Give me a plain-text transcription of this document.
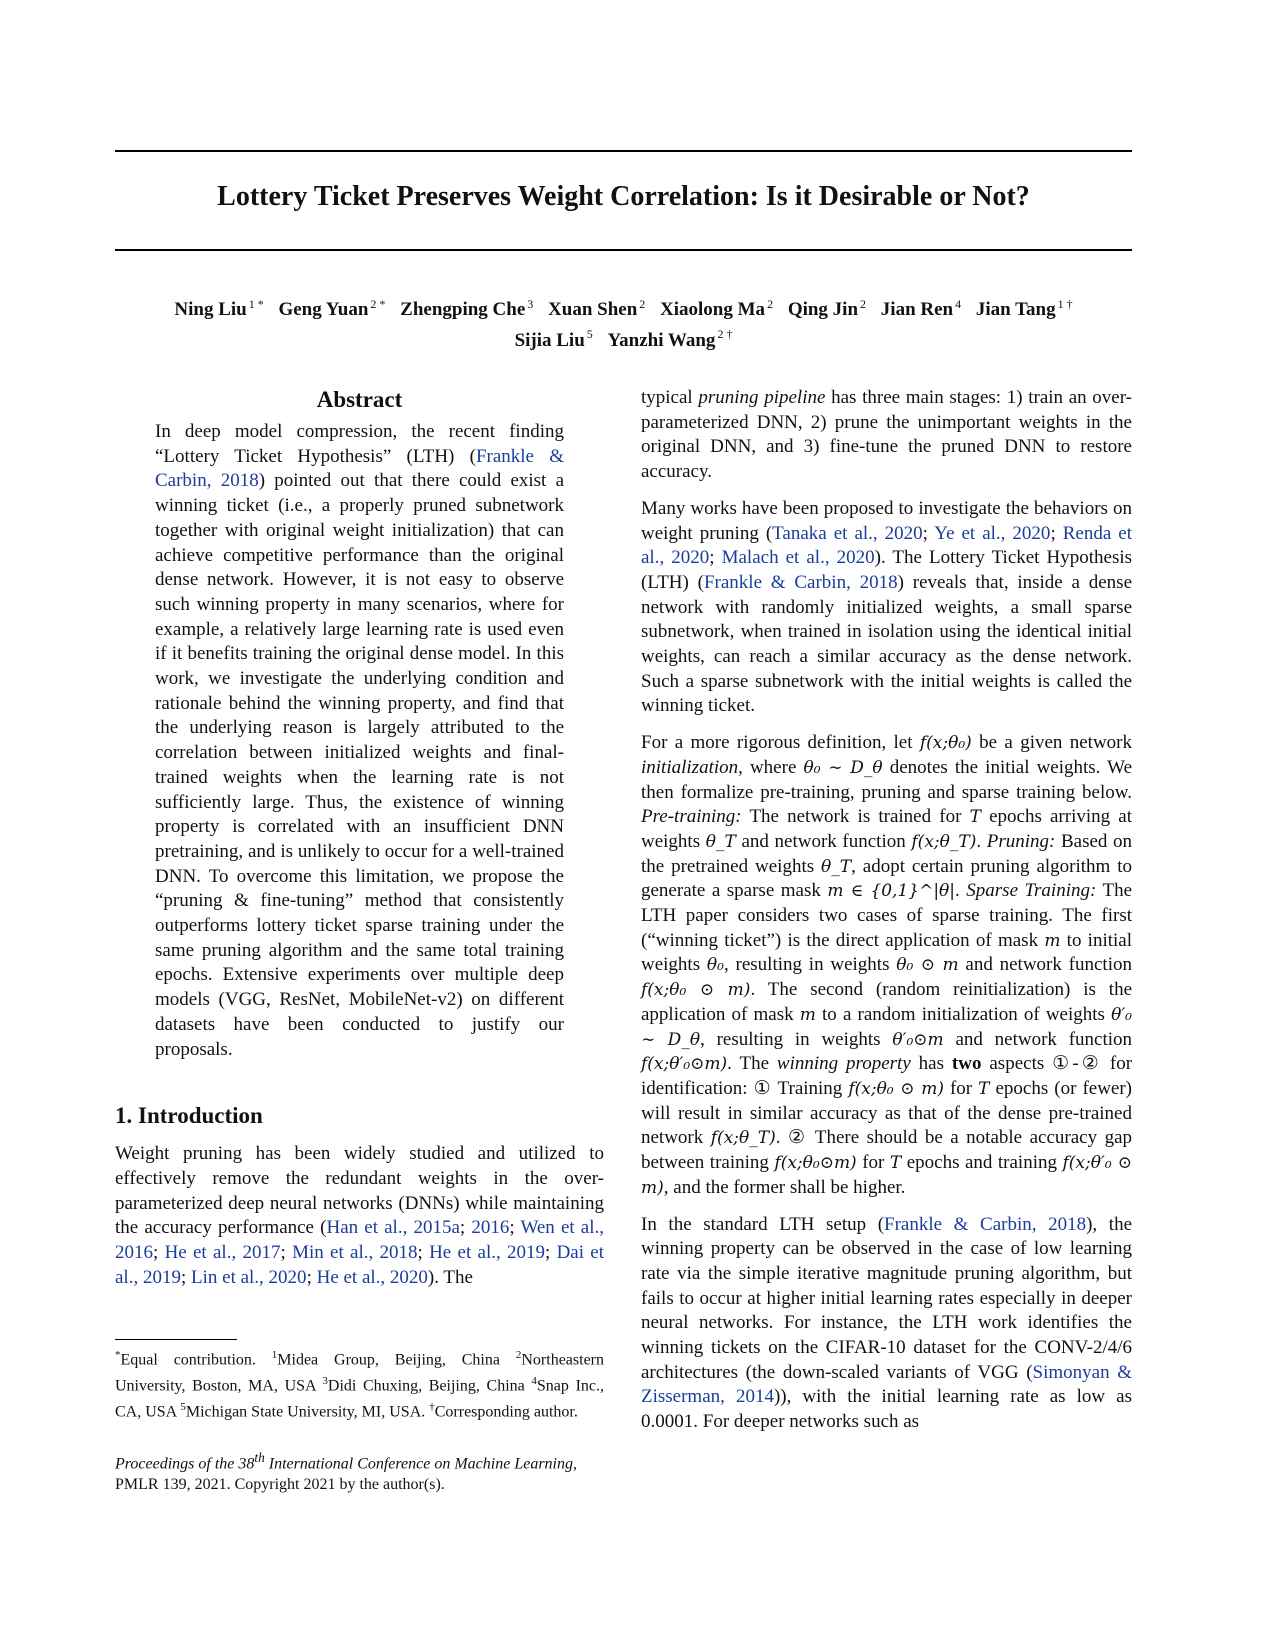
Lottery Ticket Preserves Weight Correlation: Is it Desirable or Not?
Ning Liu $^{1 *}$ Geng Yuan $^{2 *}$ Zhengping Che $^3$ Xuan Shen $^2$ Xiaolong Ma $^2$ Qing Jin $^2$ Jian Ren $^4$ Jian Tang $^{1 \dagger}$
Sijia Liu $^5$ Yanzhi Wang $^{2 \dagger}$
Abstract

In deep model compression, the recent finding “Lottery Ticket Hypothesis” (LTH) (Frankle & Carbin, 2018) pointed out that there could exist a winning ticket (i.e., a properly pruned subnetwork together with original weight initialization) that can achieve competitive performance than the original dense network. However, it is not easy to observe such winning property in many scenarios, where for example, a relatively large learning rate is used even if it benefits training the original dense model. In this work, we investigate the underlying condition and rationale behind the winning property, and find that the underlying reason is largely attributed to the correlation between initialized weights and final-trained weights when the learning rate is not sufficiently large. Thus, the existence of winning property is correlated with an insufficient DNN pretraining, and is unlikely to occur for a well-trained DNN. To overcome this limitation, we propose the “pruning & fine-tuning” method that consistently outperforms lottery ticket sparse training under the same pruning algorithm and the same total training epochs. Extensive experiments over multiple deep models (VGG, ResNet, MobileNet-v2) on different datasets have been conducted to justify our proposals.

1. Introduction

Weight pruning has been widely studied and utilized to effectively remove the redundant weights in the over-parameterized deep neural networks (DNNs) while maintaining the accuracy performance (Han et al., 2015a; 2016; Wen et al., 2016; He et al., 2017; Min et al., 2018; He et al., 2019; Dai et al., 2019; Lin et al., 2020; He et al., 2020). The

*Equal contribution. $^1$Midea Group, Beijing, China $^2$Northeastern University, Boston, MA, USA $^3$Didi Chuxing, Beijing, China $^4$Snap Inc., CA, USA $^5$Michigan State University, MI, USA. †Corresponding author.
Proceedings of the 38th International Conference on Machine Learning, PMLR 139, 2021. Copyright 2021 by the author(s).

typical pruning pipeline has three main stages: 1) train an over-parameterized DNN, 2) prune the unimportant weights in the original DNN, and 3) fine-tune the pruned DNN to restore accuracy.

Many works have been proposed to investigate the behaviors on weight pruning (Tanaka et al., 2020; Ye et al., 2020; Renda et al., 2020; Malach et al., 2020). The Lottery Ticket Hypothesis (LTH) (Frankle & Carbin, 2018) reveals that, inside a dense network with randomly initialized weights, a small sparse subnetwork, when trained in isolation using the identical initial weights, can reach a similar accuracy as the dense network. Such a sparse subnetwork with the initial weights is called the winning ticket.

For a more rigorous definition, let f(x;θ₀) be a given network initialization, where θ₀ ∼ D_θ denotes the initial weights. We then formalize pre-training, pruning and sparse training below. Pre-training: The network is trained for T epochs arriving at weights θ_T and network function f(x;θ_T). Pruning: Based on the pretrained weights θ_T, adopt certain pruning algorithm to generate a sparse mask m ∈ {0,1}^|θ|. Sparse Training: The LTH paper considers two cases of sparse training. The first (“winning ticket”) is the direct application of mask m to initial weights θ₀, resulting in weights θ₀ ⊙ m and network function f(x;θ₀ ⊙ m). The second (random reinitialization) is the application of mask m to a random initialization of weights θ′₀ ∼ D_θ, resulting in weights θ′₀⊙m and network function f(x;θ′₀⊙m). The winning property has two aspects ①-② for identification: ① Training f(x;θ₀ ⊙ m) for T epochs (or fewer) will result in similar accuracy as that of the dense pre-trained network f(x;θ_T). ② There should be a notable accuracy gap between training f(x;θ₀⊙m) for T epochs and training f(x;θ′₀ ⊙ m), and the former shall be higher.

In the standard LTH setup (Frankle & Carbin, 2018), the winning property can be observed in the case of low learning rate via the simple iterative magnitude pruning algorithm, but fails to occur at higher initial learning rates especially in deeper neural networks. For instance, the LTH work identifies the winning tickets on the CIFAR-10 dataset for the CONV-2/4/6 architectures (the down-scaled variants of VGG (Simonyan & Zisserman, 2014)), with the initial learning rate as low as 0.0001. For deeper networks such as
